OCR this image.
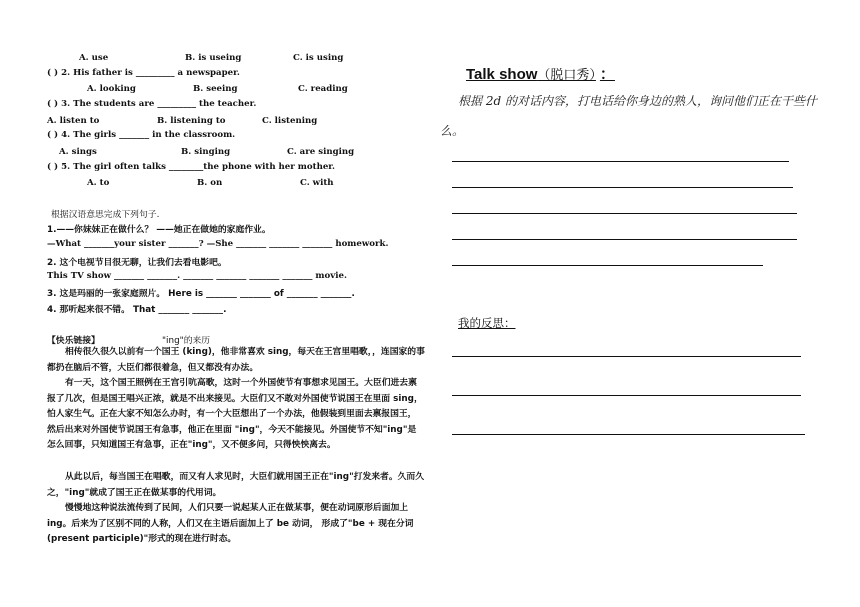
A. use	B. is useing	C. is using
( ) 2. His father is _________ a newspaper.
A. looking	B. seeing	C. reading
( ) 3. The students are _________ the teacher.
A. listen to	B. listening to	C. listening
( ) 4. The girls _______ in the classroom.
A. sings	B. singing	C. are singing
( ) 5. The girl often talks ________the phone with her mother.
A. to	B. on	C. with
根据汉语意思完成下列句子.
1.——你妹妹正在做什么？ ——她正在做她的家庭作业。
—What _______your sister _______? —She _______ _______ _______ homework.
2. 这个电视节目很无聊，让我们去看电影吧。
This TV show _______ _______. _______ _______ _______ _______ movie.
3. 这是玛丽的一张家庭照片。 Here is _______ _______ of _______ _______.
4. 那听起来很不错。 That _______ _______.
【快乐链接】	"ing"的来历
相传很久很久以前有一个国王 (king)，他非常喜欢 sing，每天在王宫里唱歌，，连国家的事都扔在脑后不管，大臣们都很着急，但又都没有办法。
有一天，这个国王照例在王宫引吭高歌，这时一个外国使节有事想求见国王。大臣们进去禀报了几次，但是国王唱兴正浓，就是不出来接见。大臣们又不敢对外国使节说国王在里面 sing，怕人家生气。正在大家不知怎么办时，有一个大臣想出了一个办法，他假装到里面去禀报国王，然后出来对外国使节说国王有急事，他正在里面 "ing"，今天不能接见。外国使节不知"ing"是怎么回事，只知道国王有急事，正在"ing"，又不便多问，只得怏怏离去。
从此以后，每当国王在唱歌，而又有人求见时，大臣们就用国王正在"ing"打发来者。久而久之，"ing"就成了国王正在做某事的代用词。
慢慢地这种说法流传到了民间，人们只要一说起某人正在做某事，便在动词原形后面加上 ing。后来为了区别不同的人称，人们又在主语后面加上了 be 动词， 形成了"be + 现在分词(present participle)"形式的现在进行时态。
Talk show（脱口秀） ：
根据 2d 的对话内容，打电话给你身边的熟人，询问他们正在干些什么。
我的反思：
